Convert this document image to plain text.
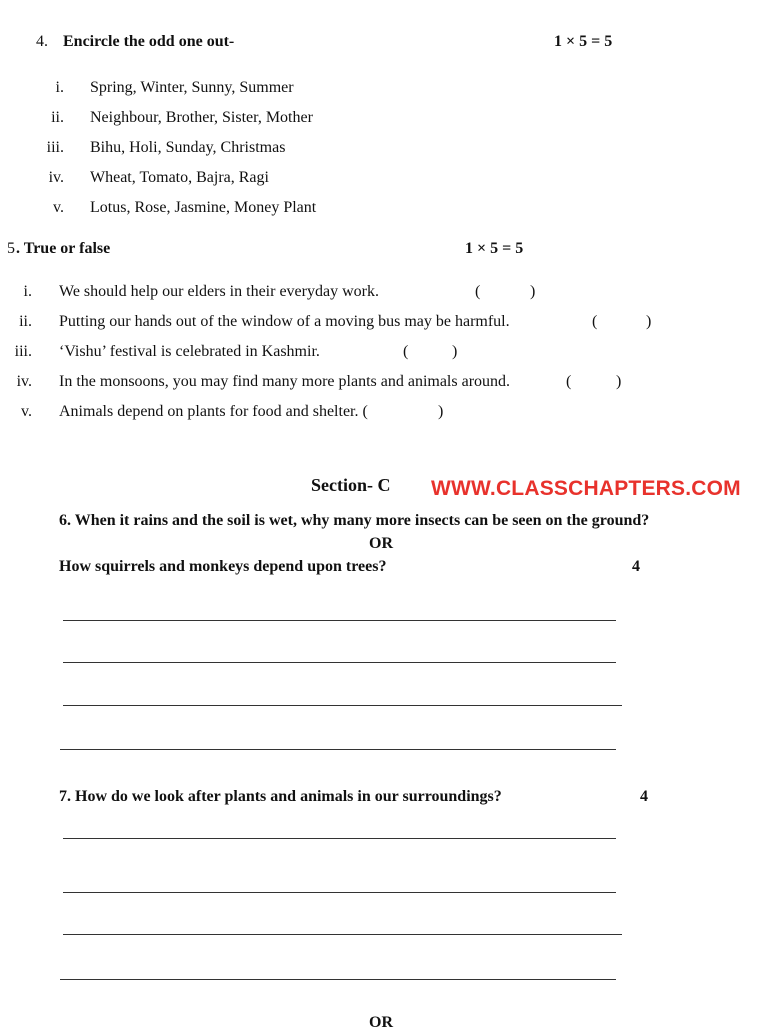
4. Encircle the odd one out-	1 × 5 = 5
i. Spring, Winter, Sunny, Summer
ii. Neighbour, Brother, Sister, Mother
iii. Bihu, Holi, Sunday, Christmas
iv. Wheat, Tomato, Bajra, Ragi
v. Lotus, Rose, Jasmine, Money Plant
5 . True or false	1 × 5 = 5
i. We should help our elders in their everyday work.	(	)
ii. Putting our hands out of the window of a moving bus may be harmful.	(	)
iii. ‘Vishu’ festival is celebrated in Kashmir.	(	)
iv. In the monsoons, you may find many more plants and animals around.	(	)
v. Animals depend on plants for food and shelter. (	)
Section- C WWW.CLASSCHAPTERS.COM
6. When it rains and the soil is wet, why many more insects can be seen on the ground?
OR
How squirrels and monkeys depend upon trees?	4
7. How do we look after plants and animals in our surroundings?	4
OR
